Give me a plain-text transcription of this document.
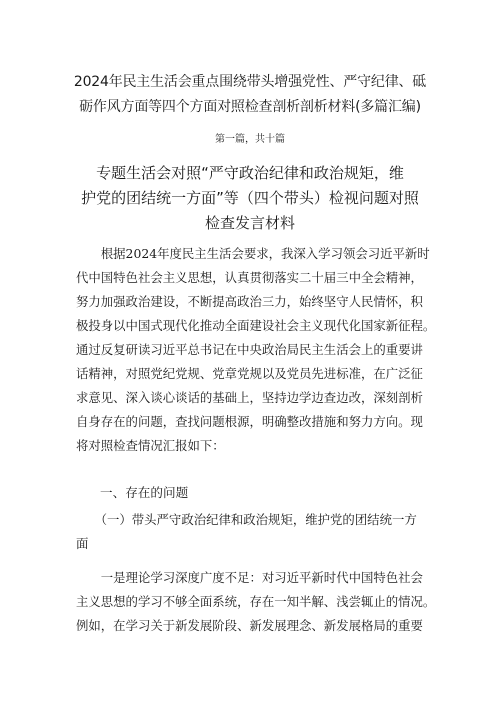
2024年民主生活会重点围绕带头增强党性、严守纪律、砥
砺作风方面等四个方面对照检查剖析剖析材料(多篇汇编)
第一篇，共十篇
专题生活会对照“严守政治纪律和政治规矩，维
护党的团结统一方面”等（四个带头）检视问题对照
检查发言材料
　　根据2024年度民主生活会要求，我深入学习领会习近平新时
代中国特色社会主义思想，认真贯彻落实二十届三中全会精神，
努力加强政治建设，不断提高政治三力，始终坚守人民情怀，积
极投身以中国式现代化推动全面建设社会主义现代化国家新征程。
通过反复研读习近平总书记在中央政治局民主生活会上的重要讲
话精神，对照党纪党规、党章党规以及党员先进标准，在广泛征
求意见、深入谈心谈话的基础上，坚持边学边查边改，深刻剖析
自身存在的问题，查找问题根源，明确整改措施和努力方向。现
将对照检查情况汇报如下：
一、存在的问题
　　（一）带头严守政治纪律和政治规矩，维护党的团结统一方
面
　　一是理论学习深度广度不足：对习近平新时代中国特色社会
主义思想的学习不够全面系统，存在一知半解、浅尝辄止的情况。
例如，在学习关于新发展阶段、新发展理念、新发展格局的重要
